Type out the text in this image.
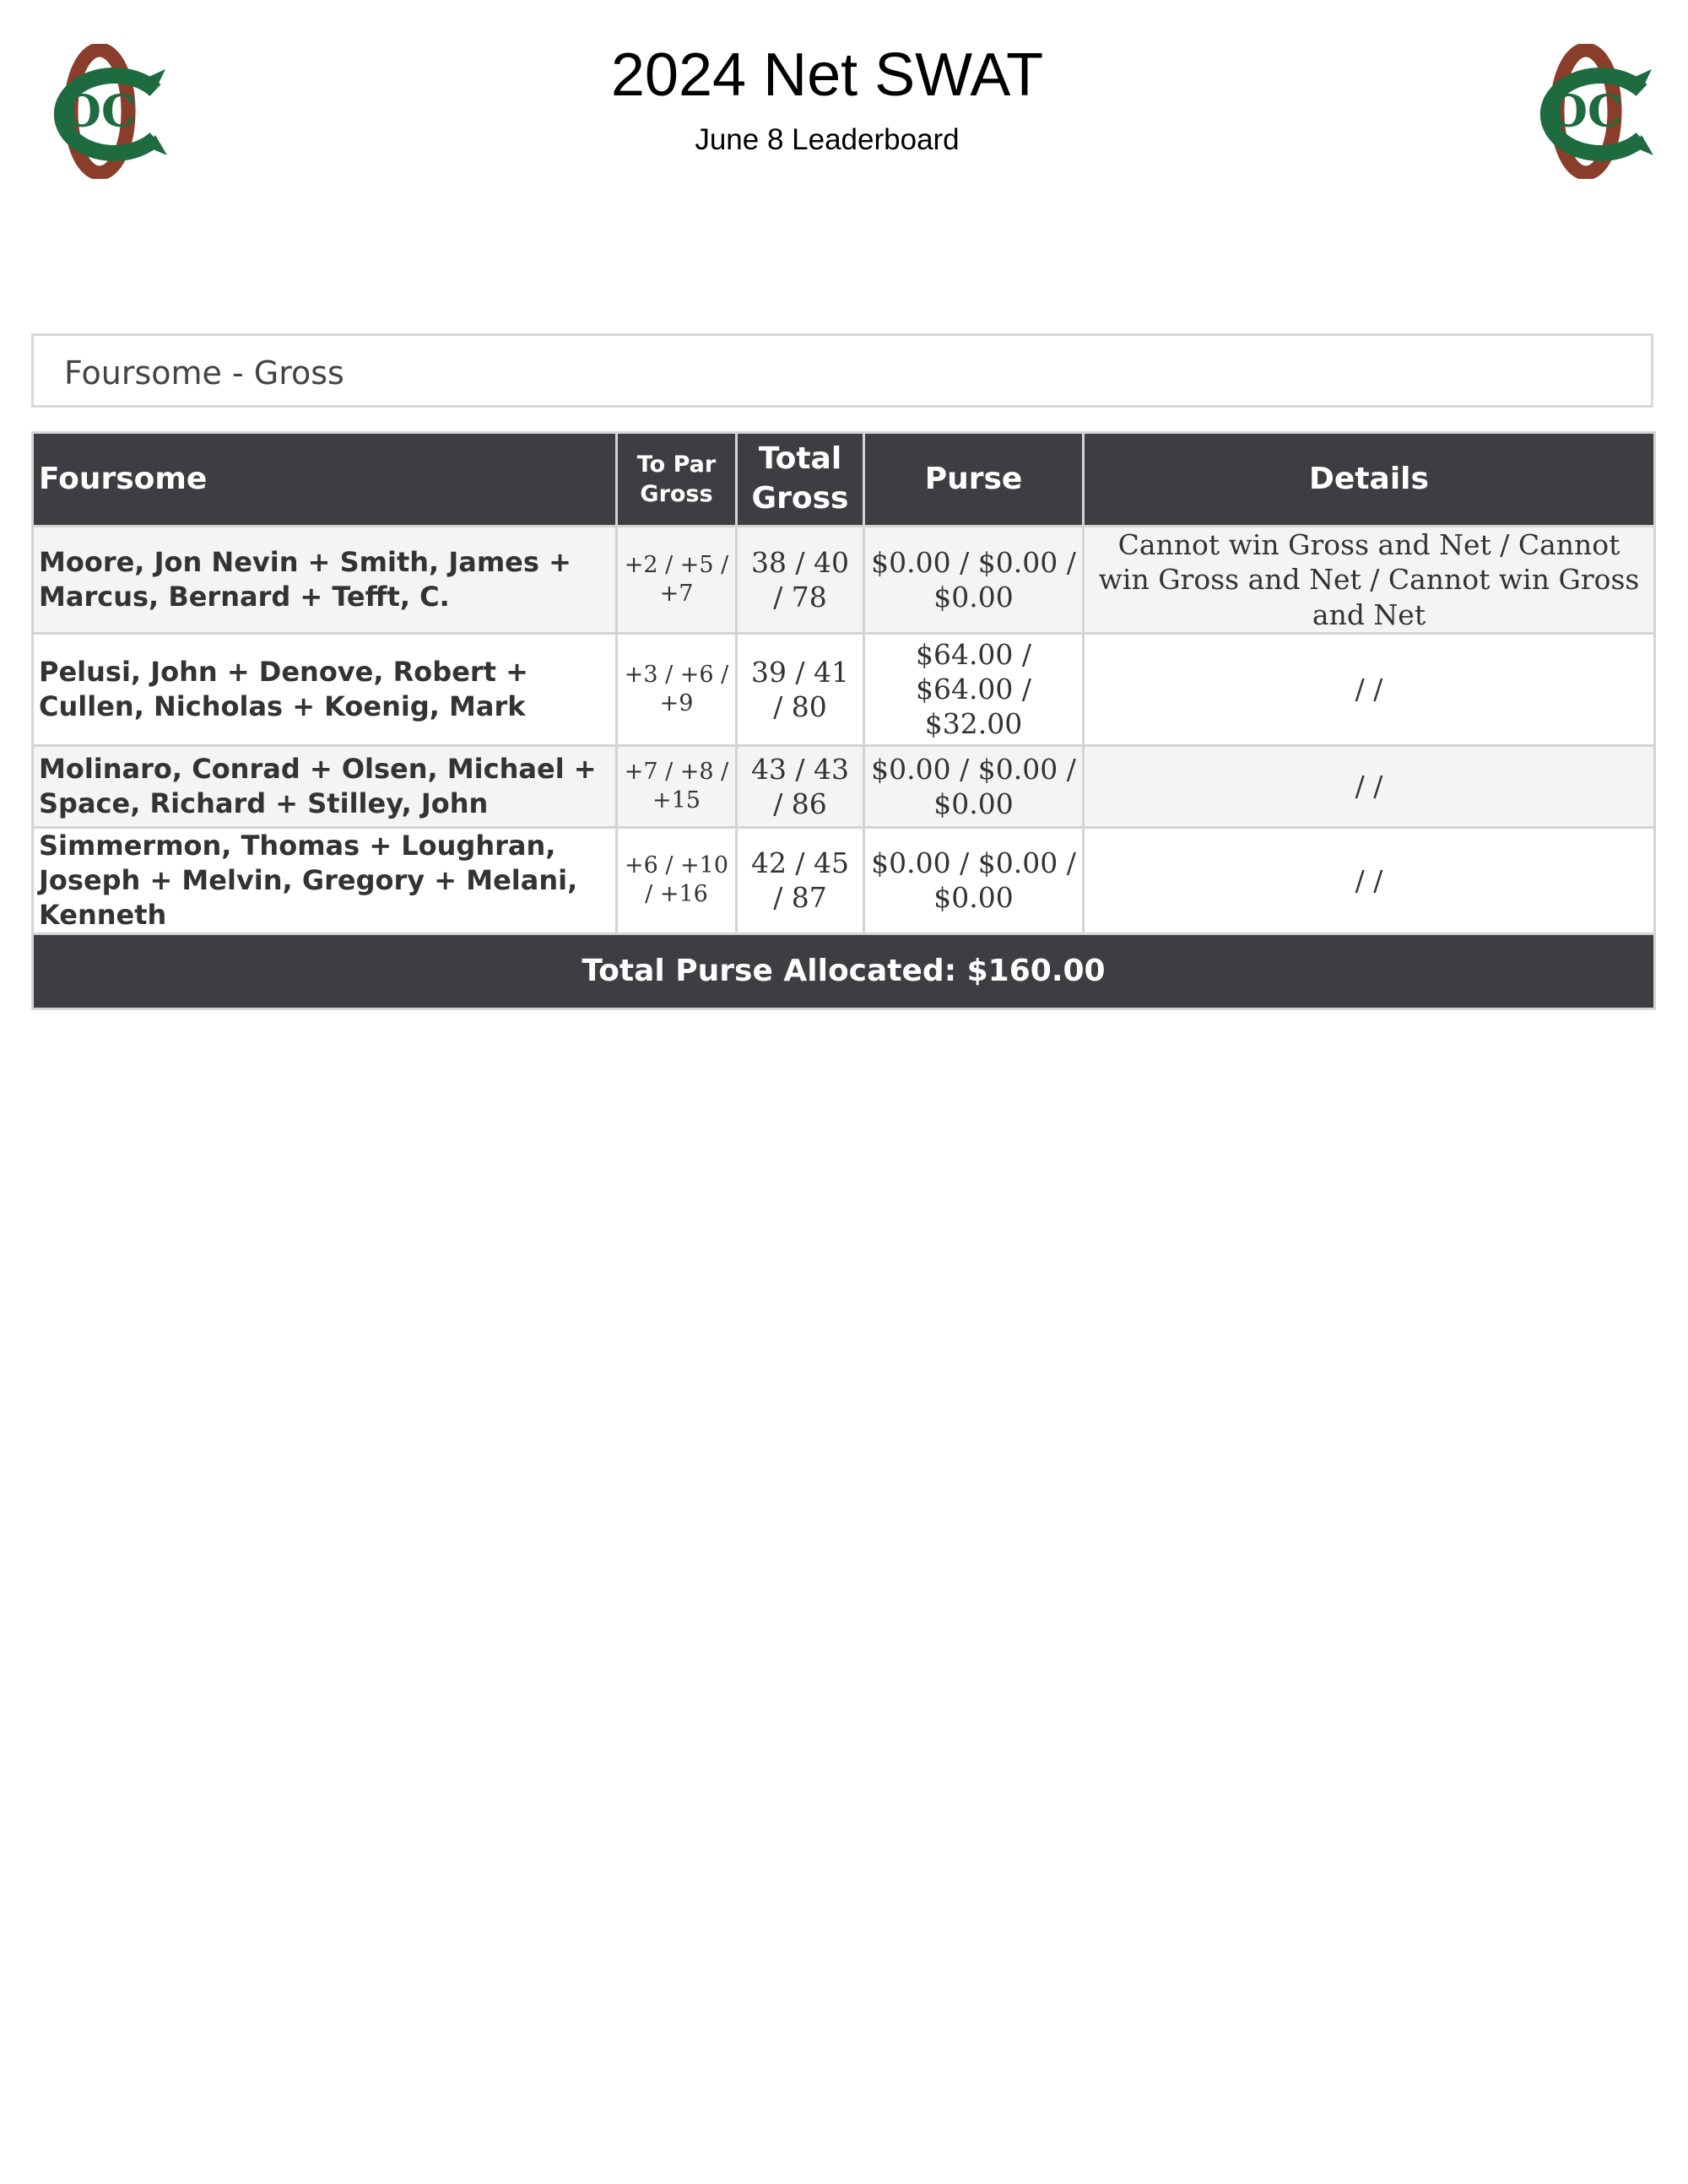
OC	OC
2024 Net SWAT
June 8 Leaderboard
Foursome - Gross
Foursome	To Par Gross	Total Gross	Purse	Details
Moore, Jon Nevin + Smith, James + Marcus, Bernard + Tefft, C.	+2 / +5 / +7	38 / 40 / 78	$0.00 / $0.00 / $0.00	Cannot win Gross and Net / Cannot win Gross and Net / Cannot win Gross and Net
Pelusi, John + Denove, Robert + Cullen, Nicholas + Koenig, Mark	+3 / +6 / +9	39 / 41 / 80	$64.00 / $64.00 / $32.00	/ /
Molinaro, Conrad + Olsen, Michael + Space, Richard + Stilley, John	+7 / +8 / +15	43 / 43 / 86	$0.00 / $0.00 / $0.00	/ /
Simmermon, Thomas + Loughran, Joseph + Melvin, Gregory + Melani, Kenneth	+6 / +10 / +16	42 / 45 / 87	$0.00 / $0.00 / $0.00	/ /
Total Purse Allocated: $160.00				
